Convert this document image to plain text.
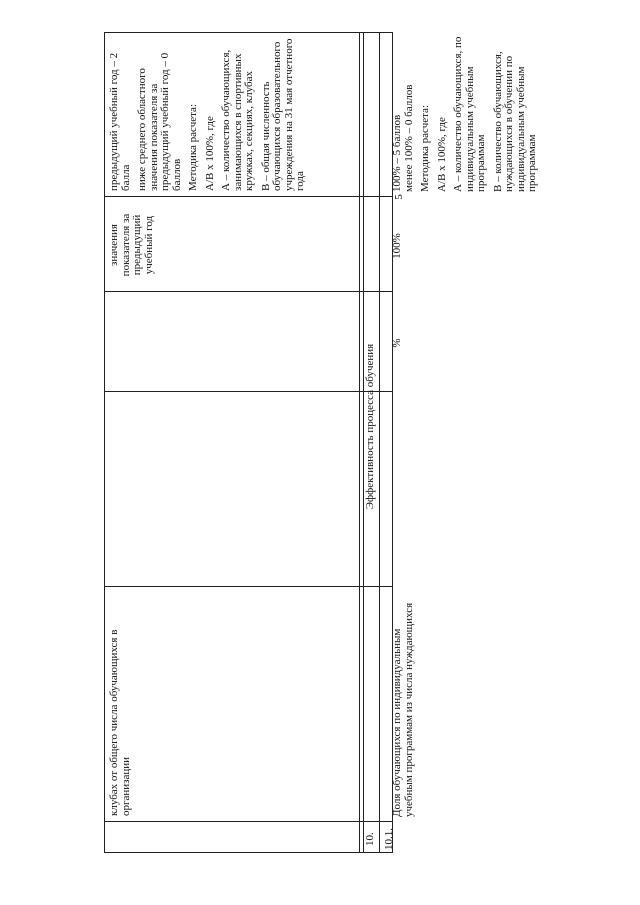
клубах от общего числа обучающихся в организации
значения показателя за предыдущий учебный год

предыдущий учебный год – 2 балла ниже среднего областного значения показателя за предыдущий учебный год – 0 баллов Методика расчета: А/В х 100%, где А – количество обучающихся, занимающихся в спортивных кружках, секциях, клубах В – общая численность обучающихся образовательного учреждения на 31 мая отчетного года

10.
Эффективность процесса обучения
10.1.
Доля обучающихся по индивидуальным учебным программам из числа нуждающихся
%
100%
5

100% – 5 баллов менее 100% – 0 баллов Методика расчета: А/В х 100%, где А – количество обучающихся, по индивидуальным учебным программам В – количество обучающихся, нуждающихся в обучении по индивидуальным учебным программам
